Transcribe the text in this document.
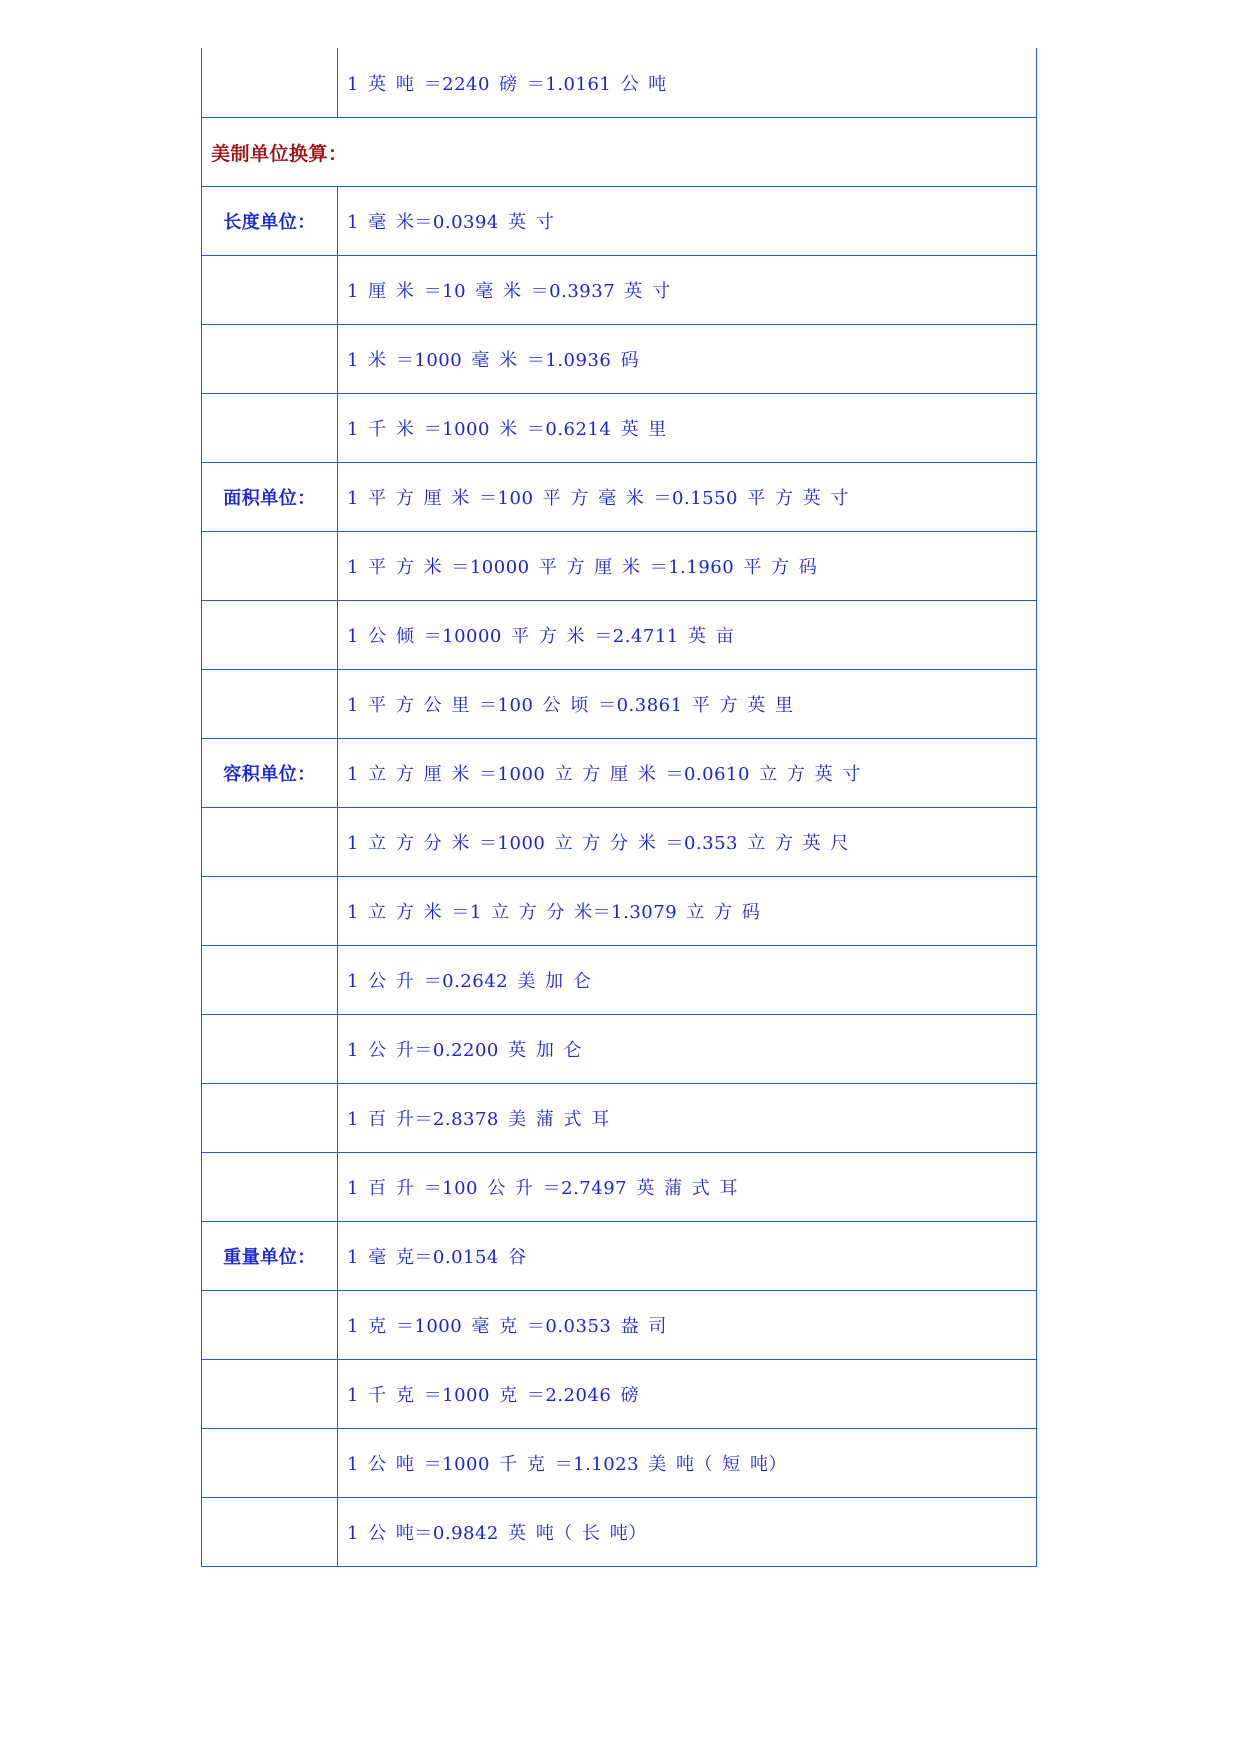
	1 英 吨 ＝2240 磅 ＝1.0161 公 吨
美制单位换算：	
长度单位：	1 毫 米＝0.0394 英 寸
	1 厘 米 ＝10 毫 米 ＝0.3937 英 寸
	1 米 ＝1000 毫 米 ＝1.0936 码
	1 千 米 ＝1000 米 ＝0.6214 英 里
面积单位：	1 平 方 厘 米 ＝100 平 方 毫 米 ＝0.1550 平 方 英 寸
	1 平 方 米 ＝10000 平 方 厘 米 ＝1.1960 平 方 码
	1 公 倾 ＝10000 平 方 米 ＝2.4711 英 亩
	1 平 方 公 里 ＝100 公 顷 ＝0.3861 平 方 英 里
容积单位：	1 立 方 厘 米 ＝1000 立 方 厘 米 ＝0.0610 立 方 英 寸
	1 立 方 分 米 ＝1000 立 方 分 米 ＝0.353 立 方 英 尺
	1 立 方 米 ＝1 立 方 分 米＝1.3079 立 方 码
	1 公 升 ＝0.2642 美 加 仑
	1 公 升＝0.2200 英 加 仑
	1 百 升＝2.8378 美 蒲 式 耳
	1 百 升 ＝100 公 升 ＝2.7497 英 蒲 式 耳
重量单位：	1 毫 克＝0.0154 谷
	1 克 ＝1000 毫 克 ＝0.0353 盎 司
	1 千 克 ＝1000 克 ＝2.2046 磅
	1 公 吨 ＝1000 千 克 ＝1.1023 美 吨（ 短 吨）
	1 公 吨＝0.9842 英 吨（ 长 吨）
